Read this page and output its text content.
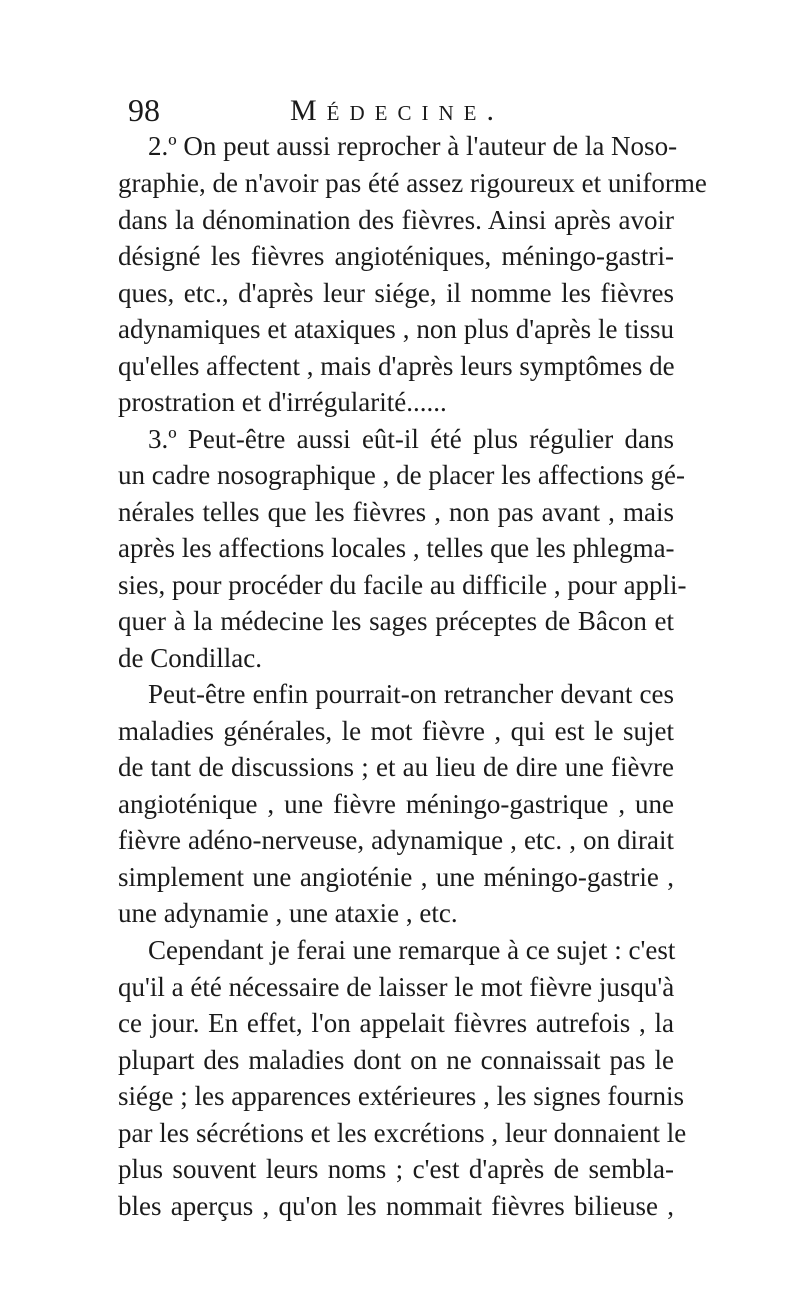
98	Médecine.
2.º On peut aussi reprocher à l'auteur de la Noso-
graphie, de n'avoir pas été assez rigoureux et uniforme
dans la dénomination des fièvres. Ainsi après avoir
désigné les fièvres angioténiques, méningo-gastri-
ques, etc., d'après leur siége, il nomme les fièvres
adynamiques et ataxiques , non plus d'après le tissu
qu'elles affectent , mais d'après leurs symptômes de
prostration et d'irrégularité......
3.º Peut-être aussi eût-il été plus régulier dans
un cadre nosographique , de placer les affections gé-
nérales telles que les fièvres , non pas avant , mais
après les affections locales , telles que les phlegma-
sies, pour procéder du facile au difficile , pour appli-
quer à la médecine les sages préceptes de Bâcon et
de Condillac.
Peut-être enfin pourrait-on retrancher devant ces
maladies générales, le mot fièvre , qui est le sujet
de tant de discussions ; et au lieu de dire une fièvre
angioténique , une fièvre méningo-gastrique , une
fièvre adéno-nerveuse, adynamique , etc. , on dirait
simplement une angioténie , une méningo-gastrie ,
une adynamie , une ataxie , etc.
Cependant je ferai une remarque à ce sujet : c'est
qu'il a été nécessaire de laisser le mot fièvre jusqu'à
ce jour. En effet, l'on appelait fièvres autrefois , la
plupart des maladies dont on ne connaissait pas le
siége ; les apparences extérieures , les signes fournis
par les sécrétions et les excrétions , leur donnaient le
plus souvent leurs noms ; c'est d'après de sembla-
bles aperçus , qu'on les nommait fièvres bilieuse ,
